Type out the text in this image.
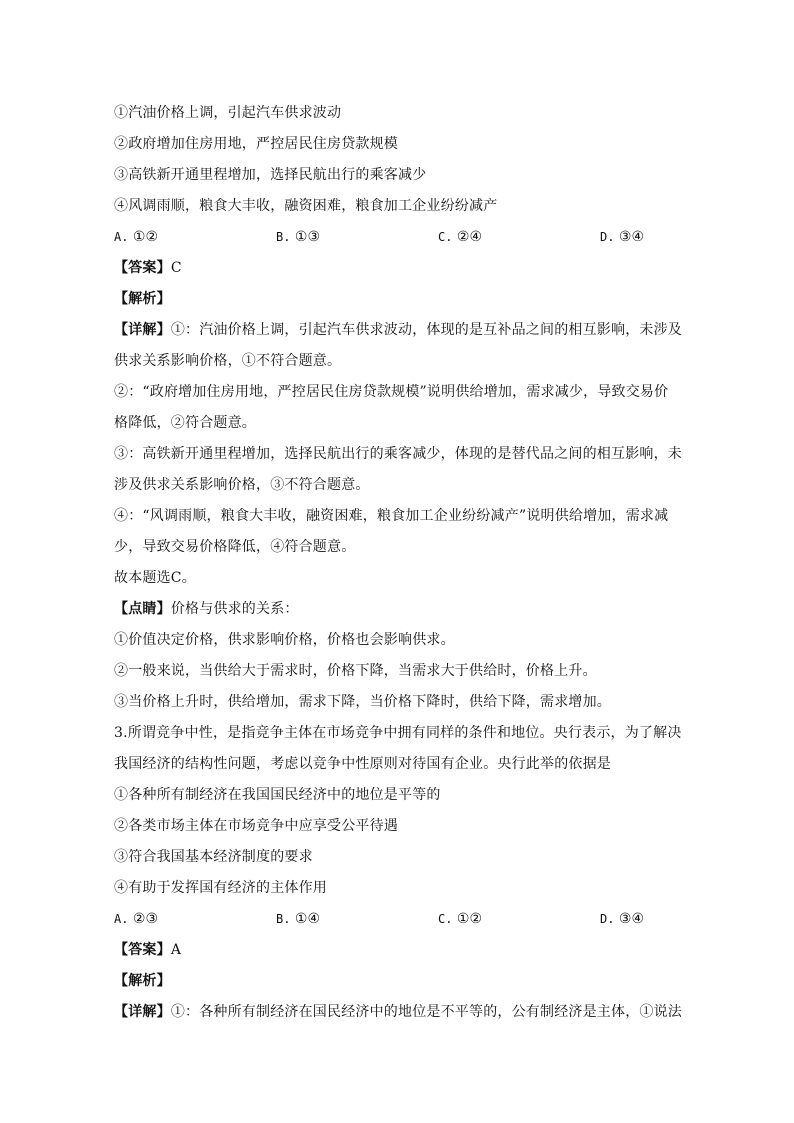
①汽油价格上调，引起汽车供求波动
②政府增加住房用地，严控居民住房贷款规模
③高铁新开通里程增加，选择民航出行的乘客减少
④风调雨顺，粮食大丰收，融资困难，粮食加工企业纷纷减产
A. ①②	B. ①③	C. ②④	D. ③④
【答案】C
【解析】
【详解】①：汽油价格上调，引起汽车供求波动，体现的是互补品之间的相互影响，未涉及
供求关系影响价格，①不符合题意。
②：“政府增加住房用地，严控居民住房贷款规模”说明供给增加，需求减少，导致交易价
格降低，②符合题意。
③：高铁新开通里程增加，选择民航出行的乘客减少，体现的是替代品之间的相互影响，未
涉及供求关系影响价格，③不符合题意。
④：“风调雨顺，粮食大丰收，融资困难，粮食加工企业纷纷减产”说明供给增加，需求减
少，导致交易价格降低，④符合题意。
故本题选C。
【点睛】价格与供求的关系：
①价值决定价格，供求影响价格，价格也会影响供求。
②一般来说，当供给大于需求时，价格下降，当需求大于供给时，价格上升。
③当价格上升时，供给增加，需求下降，当价格下降时，供给下降，需求增加。
3.所谓竞争中性，是指竞争主体在市场竞争中拥有同样的条件和地位。央行表示，为了解决
我国经济的结构性问题，考虑以竞争中性原则对待国有企业。央行此举的依据是
①各种所有制经济在我国国民经济中的地位是平等的
②各类市场主体在市场竞争中应享受公平待遇
③符合我国基本经济制度的要求
④有助于发挥国有经济的主体作用
A. ②③	B. ①④	C. ①②	D. ③④
【答案】A
【解析】
【详解】①：各种所有制经济在国民经济中的地位是不平等的，公有制经济是主体，①说法
